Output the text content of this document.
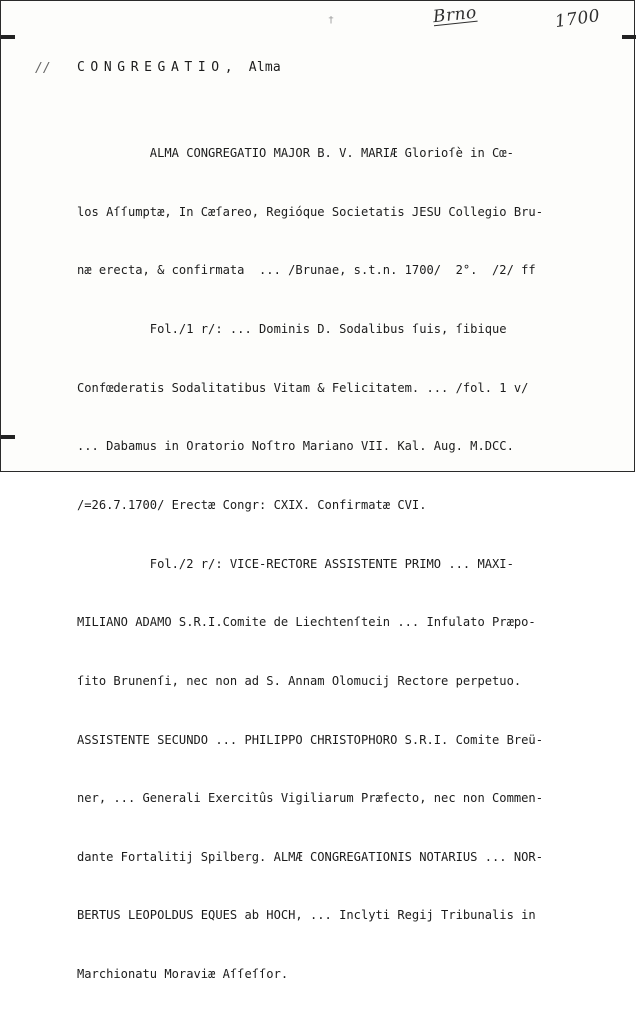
†	Brno	1700
// CONGREGATIO, Alma

ALMA CONGREGATIO MAJOR B. V. MARIÆ Glorioſè in Cœ-

los Aſſumptæ, In Cæſareo, Regióque Societatis JESU Collegio Bru-

næ erecta, & confirmata  ... /Brunae, s.t.n. 1700/  2°.  /2/ ff

Fol./1 r/: ... Dominis D. Sodalibus ſuis, ſibique

Confœderatis Sodalitatibus Vitam & Felicitatem. ... /fol. 1 v/

... Dabamus in Oratorio Noſtro Mariano VII. Kal. Aug. M.DCC.

/=26.7.1700/ Erectæ Congr: CXIX. Confirmatæ CVI.

Fol./2 r/: VICE-RECTORE ASSISTENTE PRIMO ... MAXI-

MILIANO ADAMO S.R.I.Comite de Liechtenſtein ... Infulato Præpo-

ſito Brunenſi, nec non ad S. Annam Olomucij Rectore perpetuo.

ASSISTENTE SECUNDO ... PHILIPPO CHRISTOPHORO S.R.I. Comite Breü-

ner, ... Generali Exercitûs Vigiliarum Præfecto, nec non Commen-

dante Fortalitij Spilberg. ALMÆ CONGREGATIONIS NOTARIUS ... NOR-

BERTUS LEOPOLDUS EQUES ab HOCH, ... Inclyti Regij Tribunalis in

Marchionatu Moraviæ Aſſeſſor.
